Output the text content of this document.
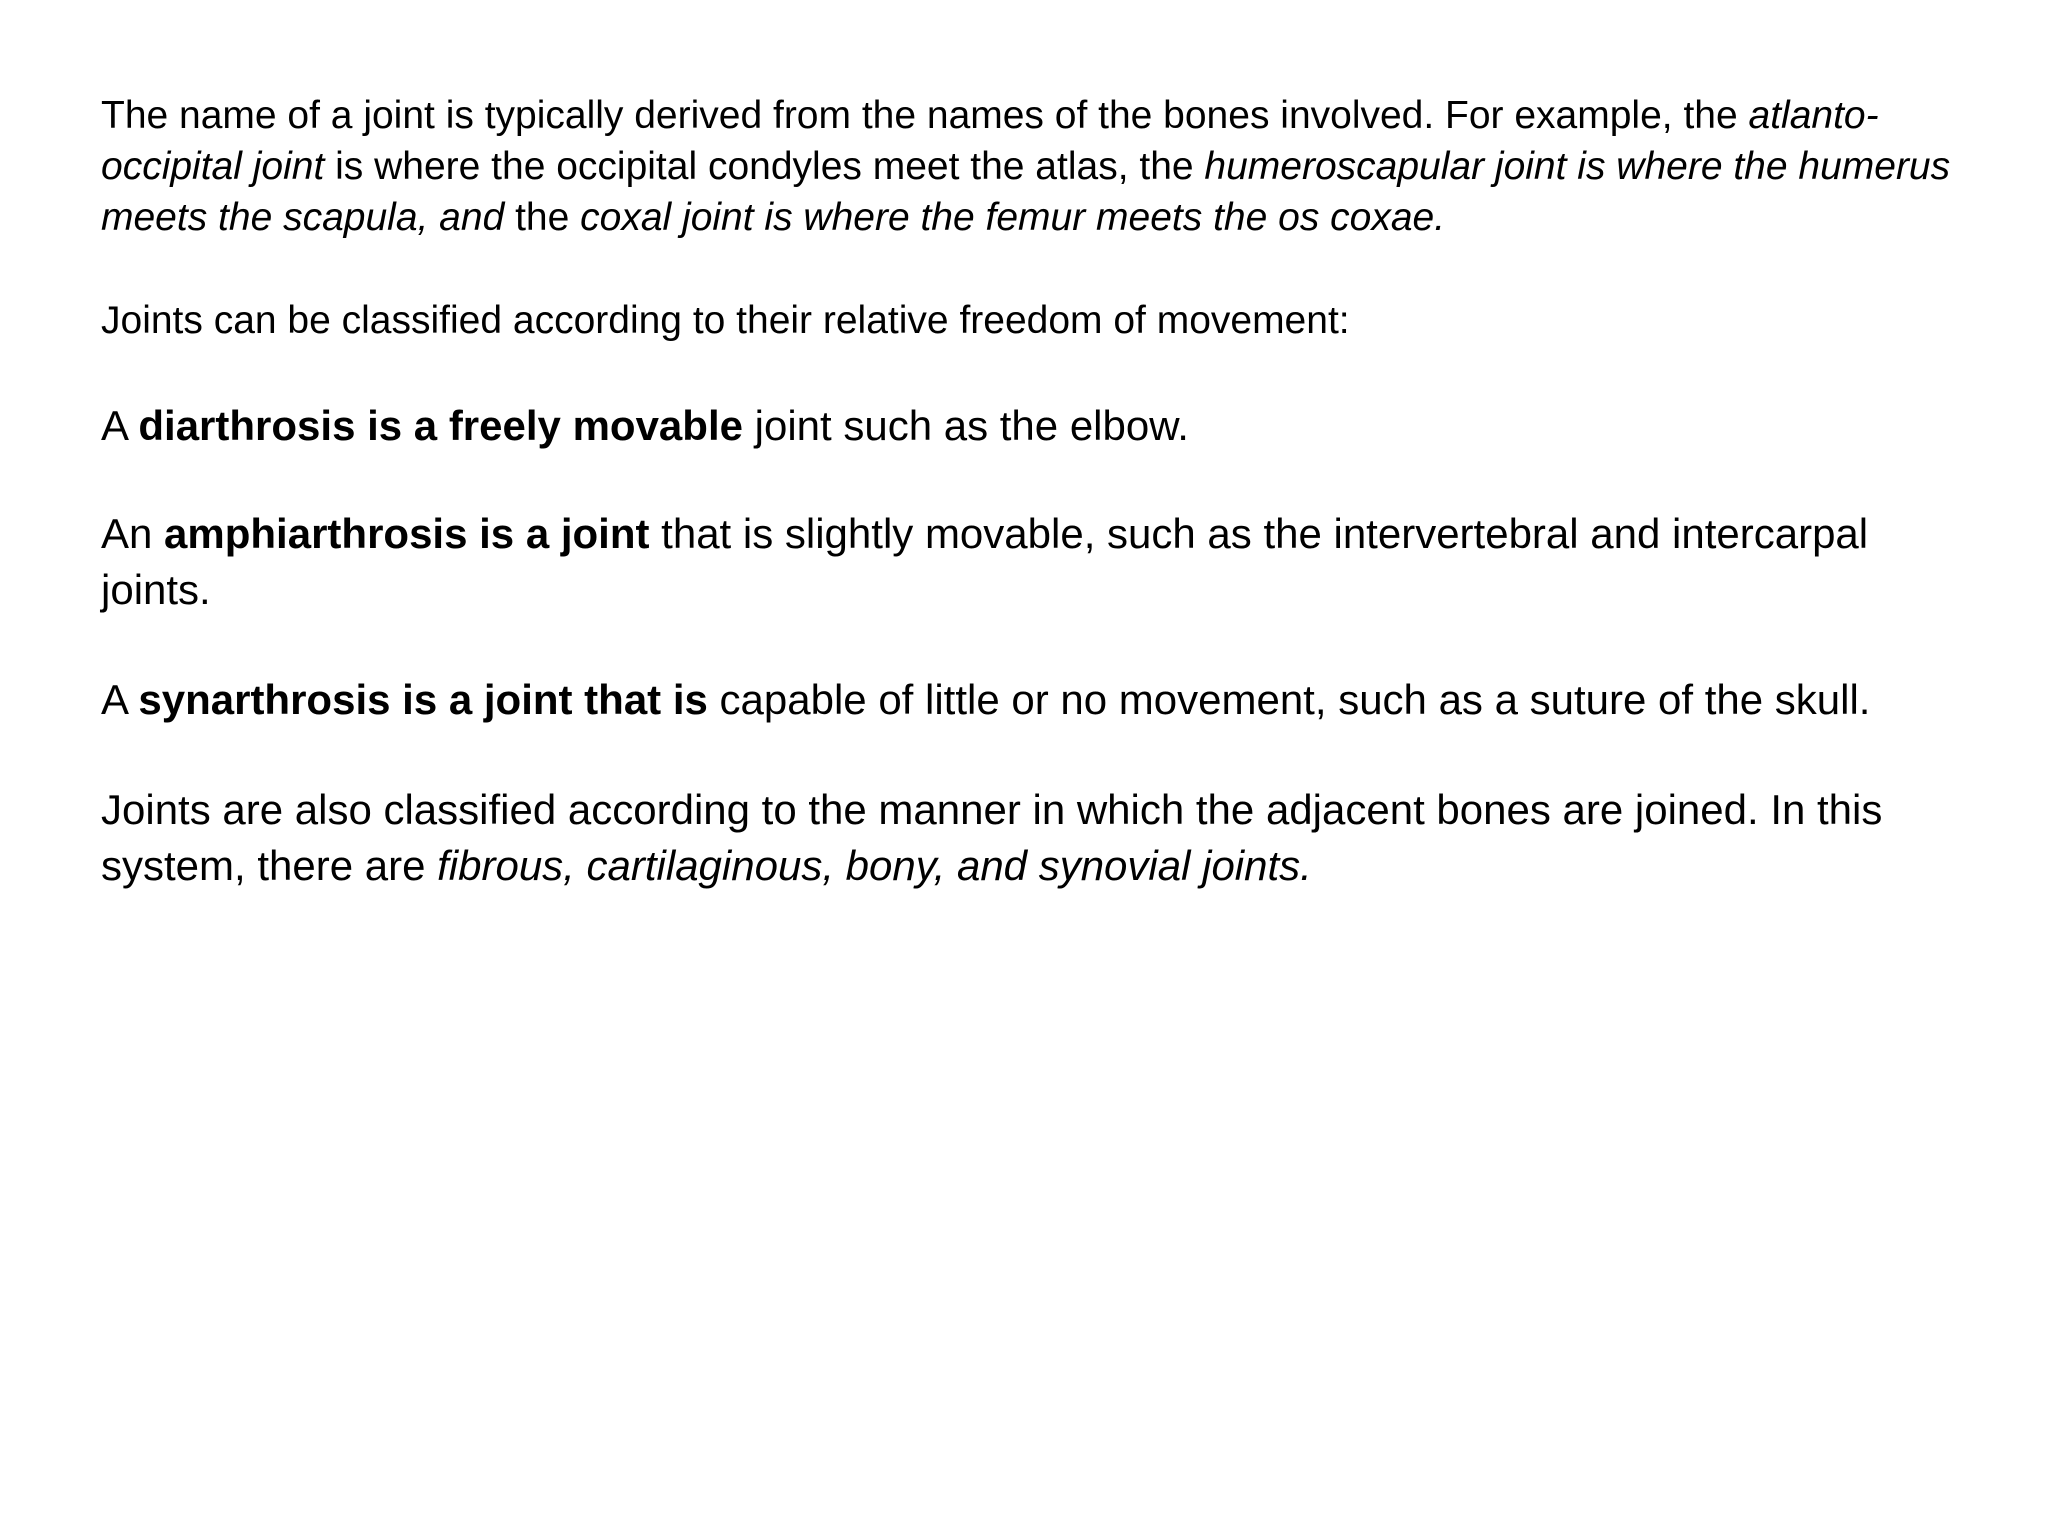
The name of a joint is typically derived from the names of the bones involved. For example, the atlanto-occipital joint is where the occipital condyles meet the atlas, the humeroscapular joint is where the humerus meets the scapula, and the coxal joint is where the femur meets the os coxae.

Joints can be classified according to their relative freedom of movement:

A diarthrosis is a freely movable joint such as the elbow.

An amphiarthrosis is a joint that is slightly movable, such as the intervertebral and intercarpal joints.

A synarthrosis is a joint that is capable of little or no movement, such as a suture of the skull.

Joints are also classified according to the manner in which the adjacent bones are joined. In this system, there are fibrous, cartilaginous, bony, and synovial joints.
